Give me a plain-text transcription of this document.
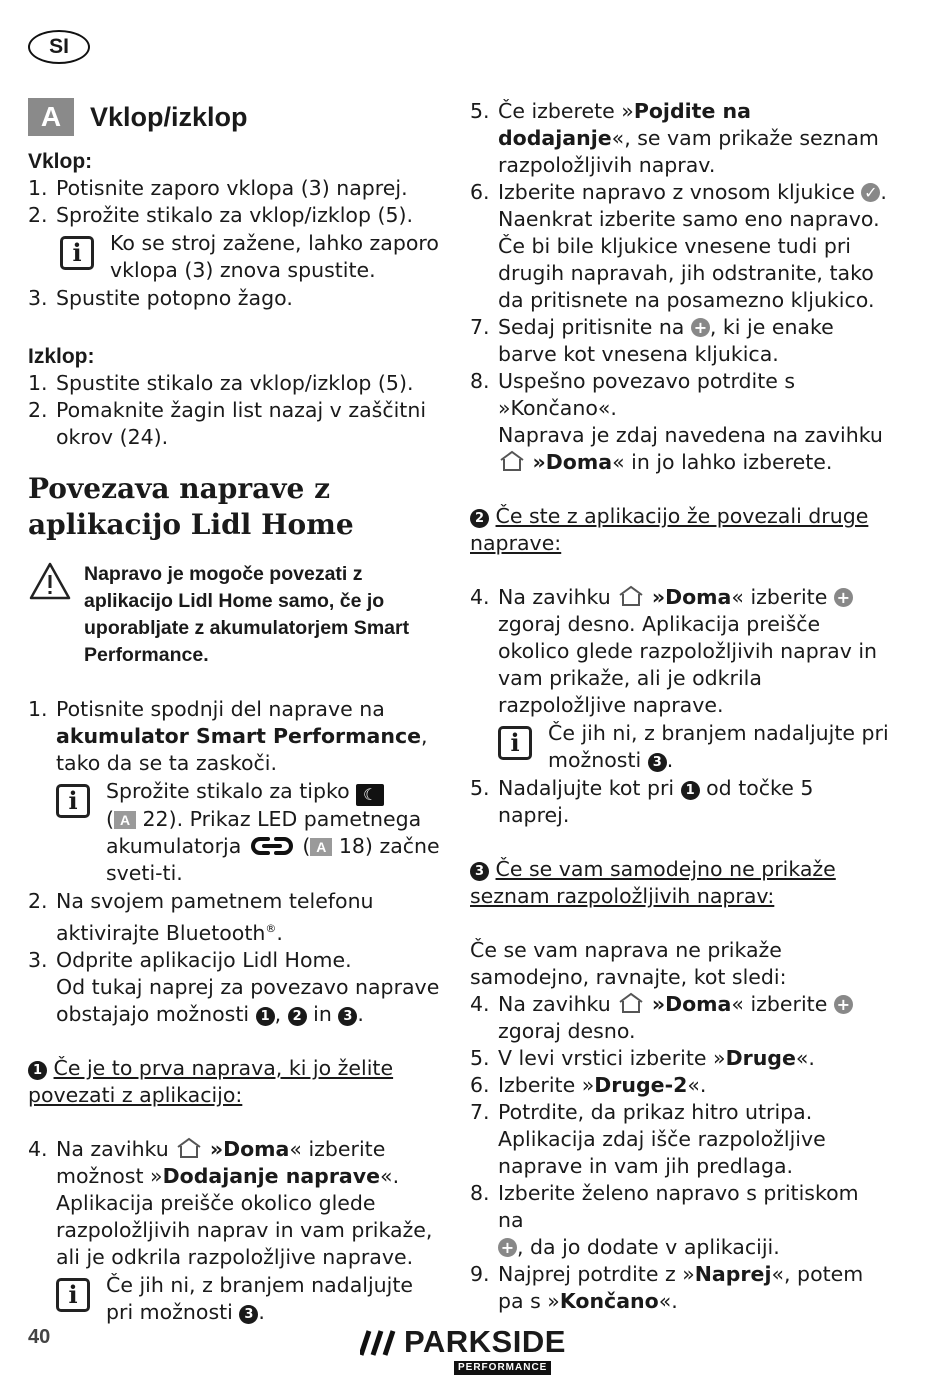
SI
A	Vklop/izklop
Vklop:
1. Potisnite zaporo vklopa (3) naprej.
2. Sprožite stikalo za vklop/izklop (5).
i	Ko se stroj zažene, lahko zaporo vklopa (3) znova spustite.
3. Spustite potopno žago.
Izklop:
1. Spustite stikalo za vklop/izklop (5).
2. Pomaknite žagin list nazaj v zaščitni okrov (24).
Povezava naprave z aplikacijo Lidl Home
Napravo je mogoče povezati z aplikacijo Lidl Home samo, če jo uporabljate z akumulatorjem Smart Performance.
1. Potisnite spodnji del naprave na akumulator Smart Performance, tako da se ta zaskoči.
i	Sprožite stikalo za tipko ☾
( A 22). Prikaz LED pametnega akumulatorja  ( A 18) začne sveti-ti.
2. Na svojem pametnem telefonu aktivirajte Bluetooth®.
3. Odprite aplikacijo Lidl Home.

Od tukaj naprej za povezavo naprave obstajajo možnosti 1 , 2 in 3 .

1 Če je to prva naprava, ki jo želite povezati z aplikacijo:
4. Na zavihku  »Doma« izberite možnost »Dodajanje naprave«.

Aplikacija preišče okolico glede razpoložljivih naprav in vam prikaže, ali je odkrila razpoložljive naprave.

i	Če jih ni, z branjem nadaljujte pri možnosti 3 .
5. Če izberete »Pojdite na dodajanje«, se vam prikaže seznam razpoložljivih naprav.
6. Izberite napravo z vnosom kljukice ✓ . Naenkrat izberite samo eno napravo. Če bi bile kljukice vnesene tudi pri drugih napravah, jih odstranite, tako da pritisnete na posamezno kljukico.
7. Sedaj pritisnite na + , ki je enake barve kot vnesena kljukica.
8. Uspešno povezavo potrdite s »Končano«.

Naprava je zdaj navedena na zavihku
»Doma« in jo lahko izberete.

2 Če ste z aplikacijo že povezali druge naprave:
4. Na zavihku  »Doma« izberite + zgoraj desno. Aplikacija preišče okolico glede razpoložljivih naprav in vam prikaže, ali je odkrila razpoložljive naprave.
i	Če jih ni, z branjem nadaljujte pri možnosti 3 .
5. Nadaljujte kot pri 1 od točke 5 naprej.
3 Če se vam samodejno ne prikaže seznam razpoložljivih naprav:
Če se vam naprava ne prikaže samodejno, ravnajte, kot sledi:
4. Na zavihku  »Doma« izberite + zgoraj desno.
5. V levi vrstici izberite »Druge«.
6. Izberite »Druge-2«.
7. Potrdite, da prikaz hitro utripa.

Aplikacija zdaj išče razpoložljive naprave in vam jih predlaga.

8. Izberite želeno napravo s pritiskom na

+ , da jo dodate v aplikaciji.

9. Najprej potrdite z »Naprej«, potem pa s »Končano«.
40	PARKSIDE
PERFORMANCE
